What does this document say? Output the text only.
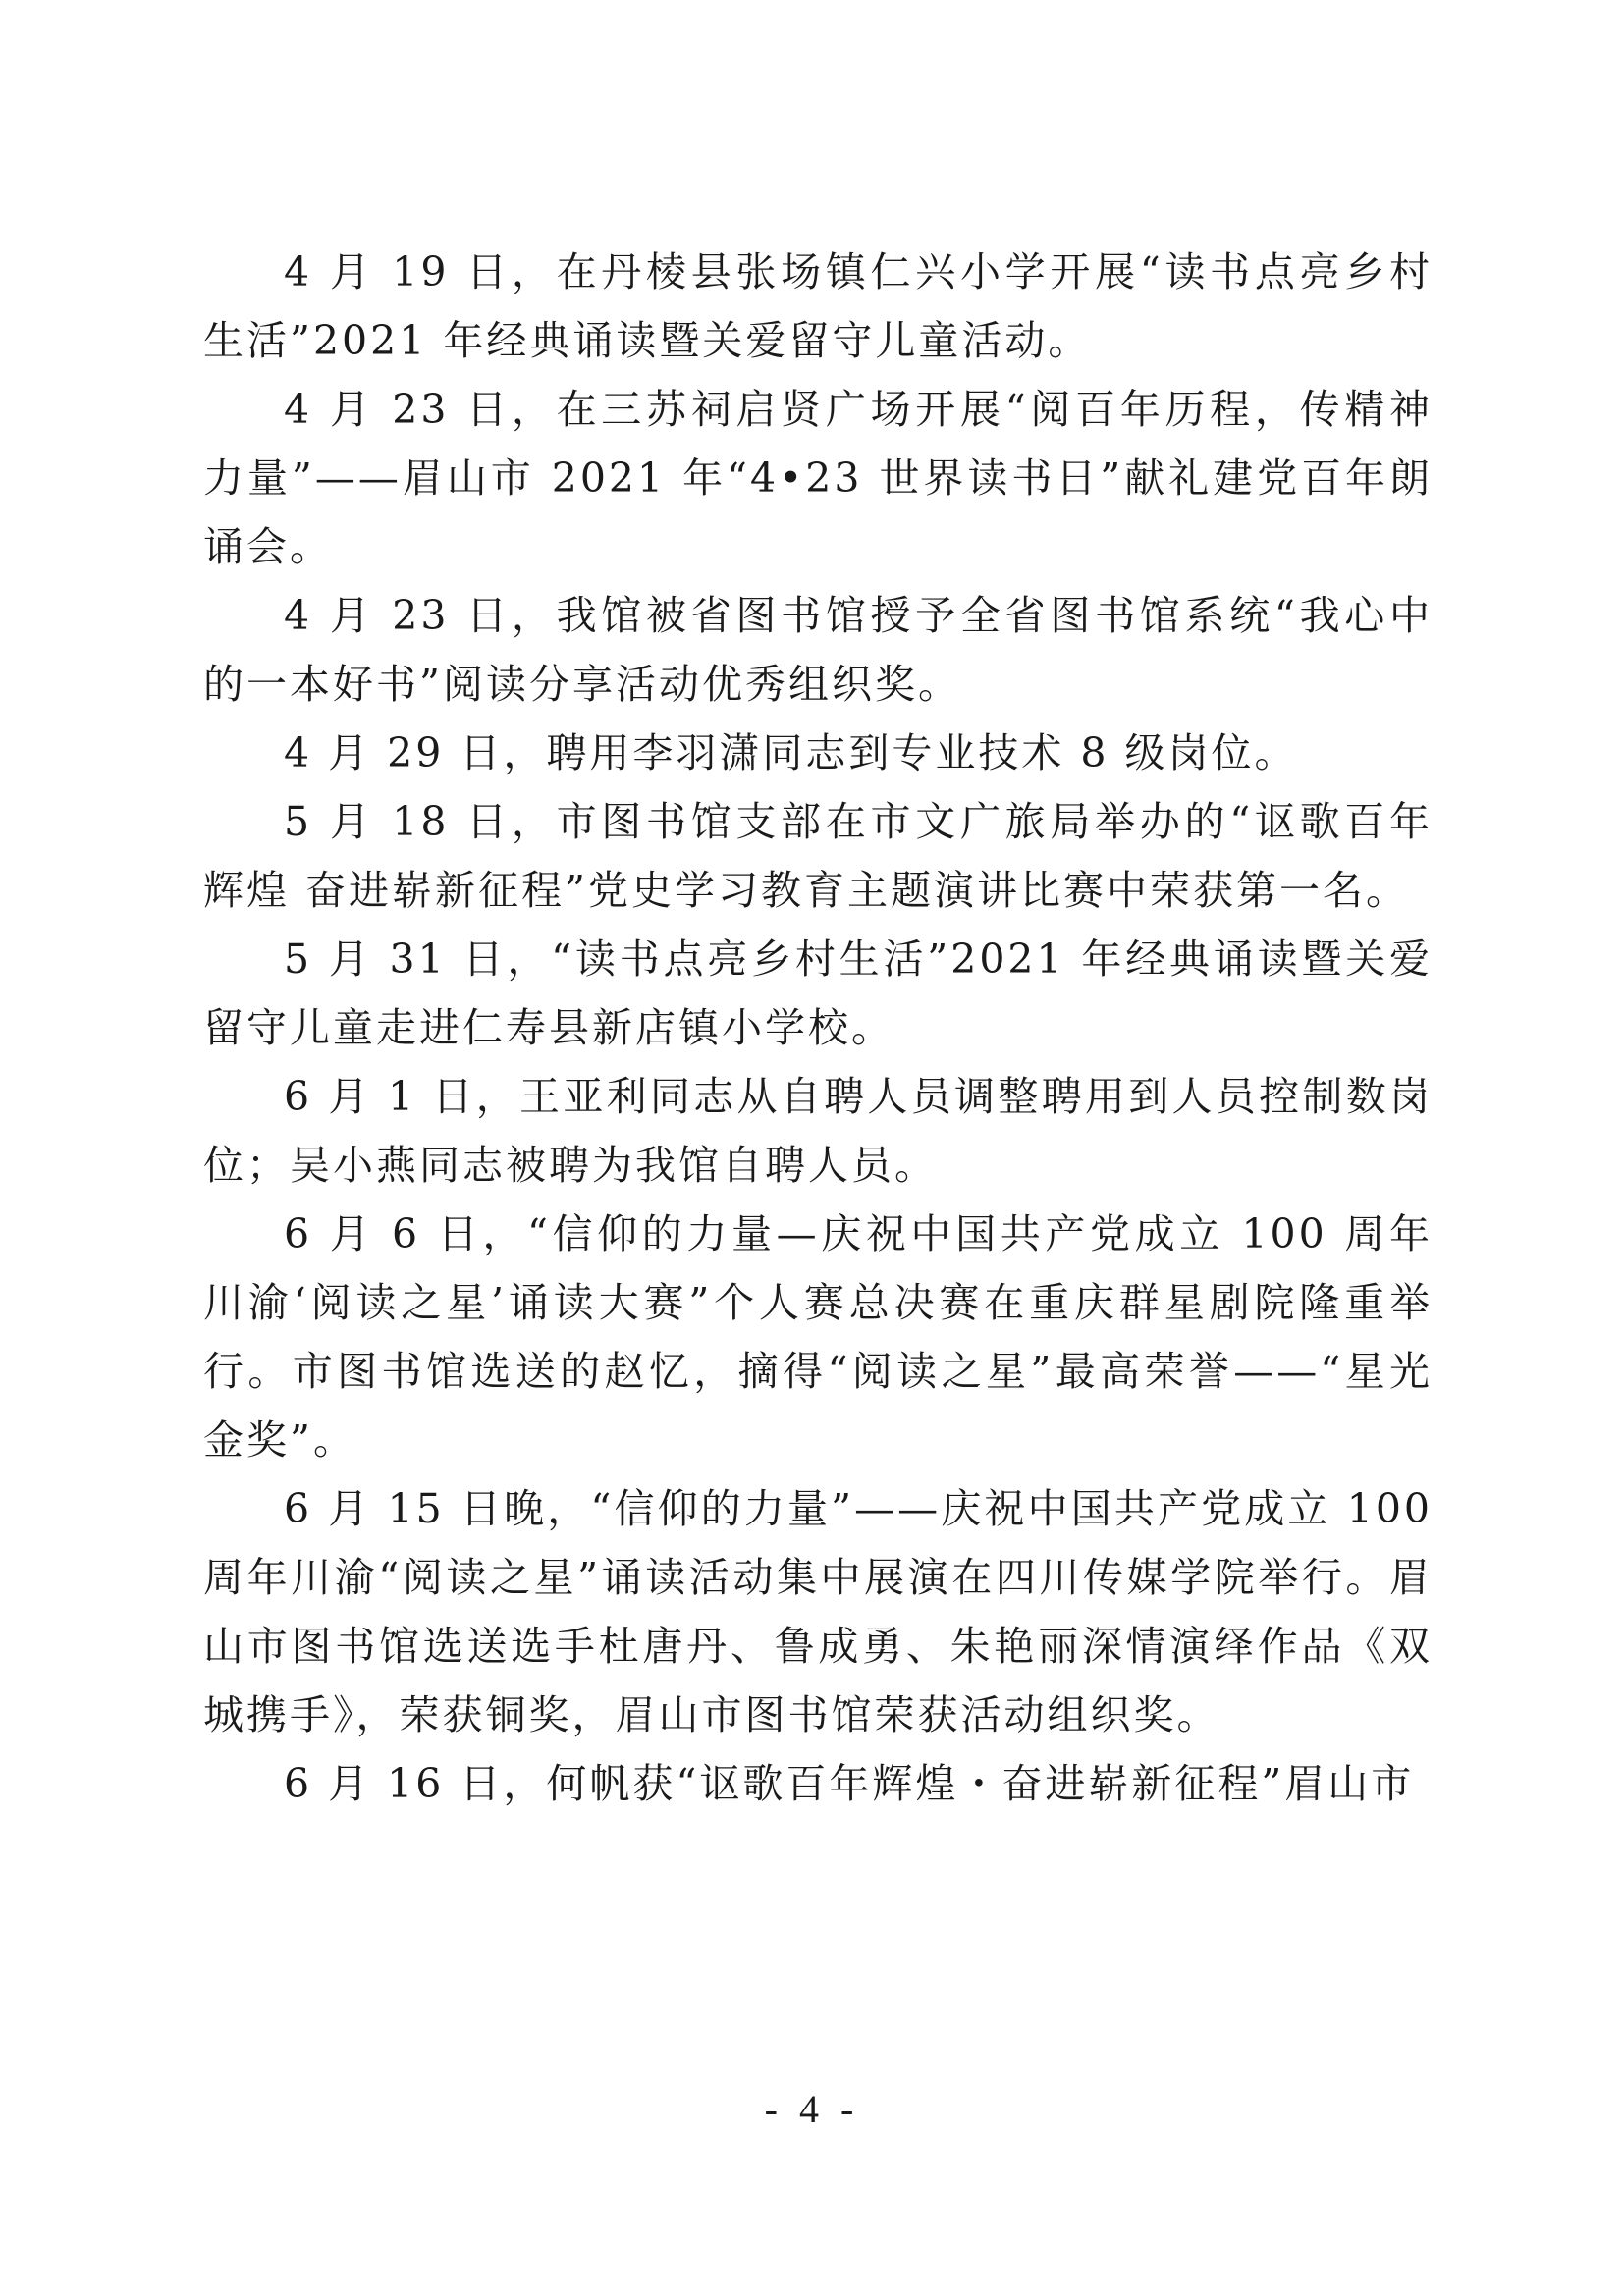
4 月 19 日，在丹棱县张场镇仁兴小学开展“读书点亮乡村生活”2021 年经典诵读暨关爱留守儿童活动。

4 月 23 日，在三苏祠启贤广场开展“阅百年历程，传精神力量”——眉山市 2021 年“4•23 世界读书日”献礼建党百年朗诵会。

4 月 23 日，我馆被省图书馆授予全省图书馆系统“我心中的一本好书”阅读分享活动优秀组织奖。

4 月 29 日，聘用李羽潇同志到专业技术 8 级岗位。

5 月 18 日，市图书馆支部在市文广旅局举办的“讴歌百年辉煌 奋进崭新征程”党史学习教育主题演讲比赛中荣获第一名。

5 月 31 日，“读书点亮乡村生活”2021 年经典诵读暨关爱留守儿童走进仁寿县新店镇小学校。

6 月 1 日，王亚利同志从自聘人员调整聘用到人员控制数岗位；吴小燕同志被聘为我馆自聘人员。

6 月 6 日，“信仰的力量—庆祝中国共产党成立 100 周年川渝‘阅读之星’诵读大赛”个人赛总决赛在重庆群星剧院隆重举行。市图书馆选送的赵忆，摘得“阅读之星”最高荣誉——“星光金奖”。

6 月 15 日晚，“信仰的力量”——庆祝中国共产党成立 100 周年川渝“阅读之星”诵读活动集中展演在四川传媒学院举行。眉山市图书馆选送选手杜唐丹、鲁成勇、朱艳丽深情演绎作品《双城携手》，荣获铜奖，眉山市图书馆荣获活动组织奖。

6 月 16 日，何帆获“讴歌百年辉煌・奋进崭新征程”眉山市

- 4 -
